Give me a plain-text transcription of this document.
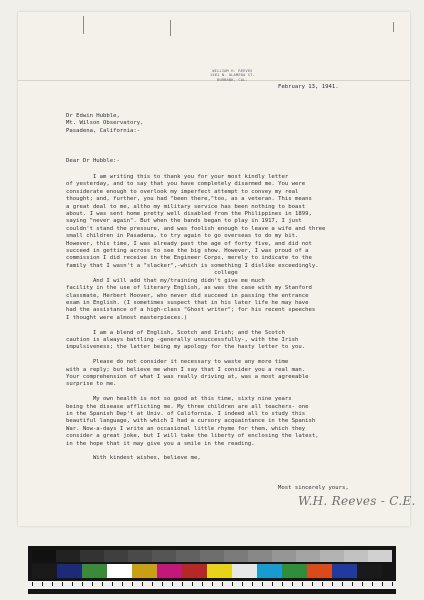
WILLIAM H. REEVES
1461 N. ALAMEDA ST.
BURBANK, CAL.
February 13, 1941.
Dr Edwin Hubble,
Mt. Wilson Observatory,
Pasadena, California:-
Dear Dr Hubble:-
I am writing this to thank you for your most kindly letter
of yesterday, and to say that you have completely disarmed me. You were
considerate enough to overlook my imperfect attempt to convey my real
thought; and, further, you had "been there,"too, as a veteran. This means
a great deal to me, altho my military service has been nothing to boast
about. I was sent home pretty well disabled from the Philippines in 1899,
saying "never again". But when the bands began to play in 1917, I just
couldn't stand the pressure, and was foolish enough to leave a wife and three
small children in Pasadena, to try again to go overseas to do my bit.
However, this time, I was already past the age of forty five, and did not
succeed in getting across to see the big show. However, I was proud of a
commission I did receive in the Engineer Corps, merely to indicate to the
family that I wasn't a "slacker",-which is something I dislike exceedingly.
college
And I will add that my/training didn't give me much
facility in the use of literary English, as was the case with my Stanford
classmate, Herbert Hoover, who never did succeed in passing the entrance
exam in English. (I sometimes suspect that in his later life he may have
had the assistance of a high-class "Ghost writer"; for his recent speeches
I thought were almost masterpieces.)

I am a blend of English, Scotch and Irish; and the Scotch
caution is always battling -generally unsuccessfully-, with the Irish
impulsiveness; the latter being my apology for the hasty letter to you.

Please do not consider it necessary to waste any more time
with a reply; but believe me when I say that I consider you a real man.
Your comprehension of what I was really driving at, was a most agreeable
surprise to me.

My own health is not so good at this time, sixty nine years
being the disease afflicting me. My three children are all teachers- one
in the Spanish Dep't at Univ. of California. I indeed all to study this
beautiful language, with which I had a cursory acquaintance in the Spanish
War. Now-a-days I write an occasional little rhyme for them, which they
consider a great joke, but I will take the liberty of enclosing the latest,
in the hope that it may give you a smile in the reading.

With kindest wishes, believe me,
Most sincerely yours,
W.H. Reeves - C.E.
